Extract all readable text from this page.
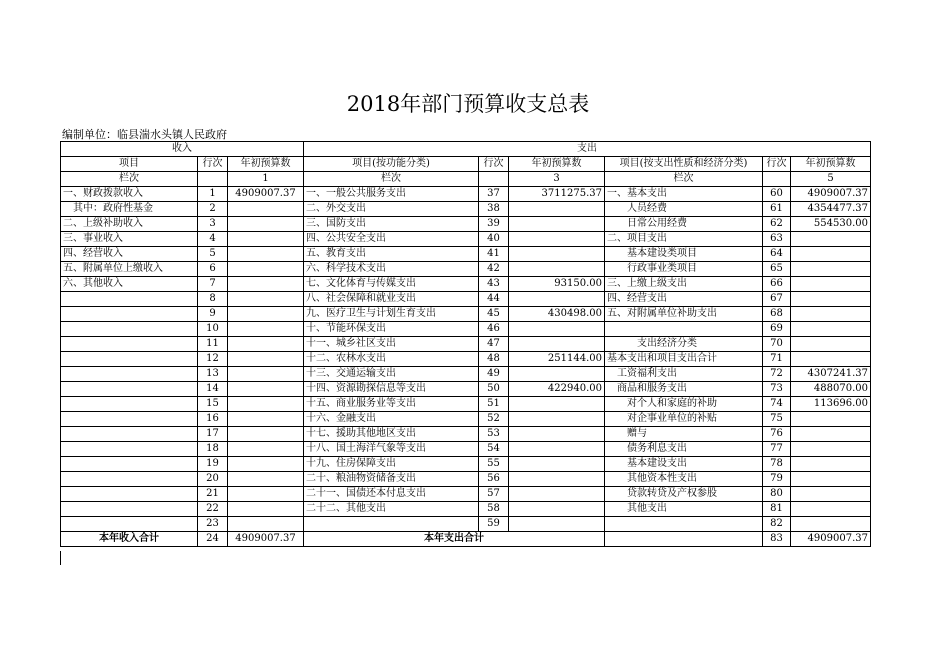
2018年部门预算收支总表
编制单位：临县湍水头镇人民政府
收入			支出					
项目	行次	年初预算数	项目(按功能分类)	行次	年初预算数	项目(按支出性质和经济分类)	行次	年初预算数
栏次		1	栏次		3	栏次		5
一、财政拨款收入	1	4909007.37	一、一般公共服务支出	37	3711275.37	一、基本支出	60	4909007.37
　其中：政府性基金	2		二、外交支出	38		　　人员经费	61	4354477.37
二、上级补助收入	3		三、国防支出	39		　　日常公用经费	62	554530.00
三、事业收入	4		四、公共安全支出	40		二、项目支出	63	
四、经营收入	5		五、教育支出	41		　　基本建设类项目	64	
五、附属单位上缴收入	6		六、科学技术支出	42		　　行政事业类项目	65	
六、其他收入	7		七、文化体育与传媒支出	43	93150.00	三、上缴上级支出	66	
	8		八、社会保障和就业支出	44		四、经营支出	67	
	9		九、医疗卫生与计划生育支出	45	430498.00	五、对附属单位补助支出	68	
	10		十、节能环保支出	46			69	
	11		十一、城乡社区支出	47		　　　支出经济分类	70	
	12		十二、农林水支出	48	251144.00	基本支出和项目支出合计	71	
	13		十三、交通运输支出	49		　工资福利支出	72	4307241.37
	14		十四、资源勘探信息等支出	50	422940.00	　商品和服务支出	73	488070.00
	15		十五、商业服务业等支出	51		　　对个人和家庭的补助	74	113696.00
	16		十六、金融支出	52		　　对企事业单位的补贴	75	
	17		十七、援助其他地区支出	53		　　赠与	76	
	18		十八、国土海洋气象等支出	54		　　债务利息支出	77	
	19		十九、住房保障支出	55		　　基本建设支出	78	
	20		二十、粮油物资储备支出	56		　　其他资本性支出	79	
	21		二十一、国债还本付息支出	57		　　贷款转贷及产权参股	80	
	22		二十二、其他支出	58		　　其他支出	81	
	23			59			82	
本年收入合计	24	4909007.37	本年支出合计				83	4909007.37
